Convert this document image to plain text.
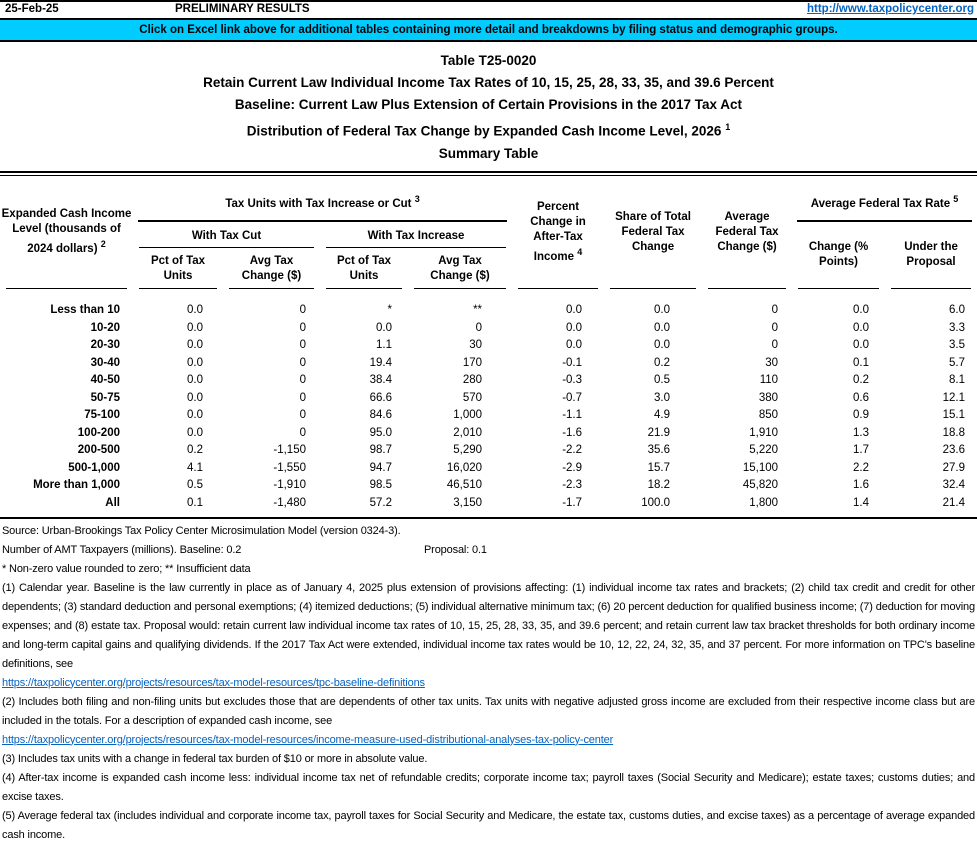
25-Feb-25	PRELIMINARY RESULTS	http://www.taxpolicycenter.org
Click on Excel link above for additional tables containing more detail and breakdowns by filing status and demographic groups.
Table T25-0020
Retain Current Law Individual Income Tax Rates of 10, 15, 25, 28, 33, 35, and 39.6 Percent
Baseline: Current Law Plus Extension of Certain Provisions in the 2017 Tax Act
Distribution of Federal Tax Change by Expanded Cash Income Level, 2026 $^1$
Summary Table
Expanded Cash Income Level (thousands of 2024 dollars) $^2$	Tax Units with Tax Increase or Cut $^3$				Percent Change in After-Tax Income $^4$	Share of Total Federal Tax Change	Average Federal Tax Change ($)	Average Federal Tax Rate $^5$
	With Tax Cut		With Tax Increase					Change (% Points)	Under the Proposal
	Pct of Tax Units	Avg Tax Change ($)	Pct of Tax Units	Avg Tax Change ($)					

Less than 10	0.0	0	*	**	0.0	0.0	0	0.0	6.0
10-20	0.0	0	0.0	0	0.0	0.0	0	0.0	3.3
20-30	0.0	0	1.1	30	0.0	0.0	0	0.0	3.5
30-40	0.0	0	19.4	170	-0.1	0.2	30	0.1	5.7
40-50	0.0	0	38.4	280	-0.3	0.5	110	0.2	8.1
50-75	0.0	0	66.6	570	-0.7	3.0	380	0.6	12.1
75-100	0.0	0	84.6	1,000	-1.1	4.9	850	0.9	15.1
100-200	0.0	0	95.0	2,010	-1.6	21.9	1,910	1.3	18.8
200-500	0.2	-1,150	98.7	5,290	-2.2	35.6	5,220	1.7	23.6
500-1,000	4.1	-1,550	94.7	16,020	-2.9	15.7	15,100	2.2	27.9
More than 1,000	0.5	-1,910	98.5	46,510	-2.3	18.2	45,820	1.6	32.4
All	0.1	-1,480	57.2	3,150	-1.7	100.0	1,800	1.4	21.4
Source: Urban-Brookings Tax Policy Center Microsimulation Model (version 0324-3).
Number of AMT Taxpayers (millions). Baseline: 0.2	Proposal: 0.1
* Non-zero value rounded to zero; ** Insufficient data
(1) Calendar year. Baseline is the law currently in place as of January 4, 2025 plus extension of provisions affecting: (1) individual income tax rates and brackets; (2) child tax credit and credit for other dependents; (3) standard deduction and personal exemptions; (4) itemized deductions; (5) individual alternative minimum tax; (6) 20 percent deduction for qualified business income; (7) deduction for moving expenses; and (8) estate tax. Proposal would: retain current law individual income tax rates of 10, 15, 25, 28, 33, 35, and 39.6 percent; and retain current law tax bracket thresholds for both ordinary income and long-term capital gains and qualifying dividends. If the 2017 Tax Act were extended, individual income tax rates would be 10, 12, 22, 24, 32, 35, and 37 percent. For more information on TPC's baseline definitions, see
https://taxpolicycenter.org/projects/resources/tax-model-resources/tpc-baseline-definitions
(2) Includes both filing and non-filing units but excludes those that are dependents of other tax units. Tax units with negative adjusted gross income are excluded from their respective income class but are included in the totals. For a description of expanded cash income, see
https://taxpolicycenter.org/projects/resources/tax-model-resources/income-measure-used-distributional-analyses-tax-policy-center
(3) Includes tax units with a change in federal tax burden of $10 or more in absolute value.
(4) After-tax income is expanded cash income less: individual income tax net of refundable credits; corporate income tax; payroll taxes (Social Security and Medicare); estate taxes; customs duties; and excise taxes.
(5) Average federal tax (includes individual and corporate income tax, payroll taxes for Social Security and Medicare, the estate tax, customs duties, and excise taxes) as a percentage of average expanded cash income.
